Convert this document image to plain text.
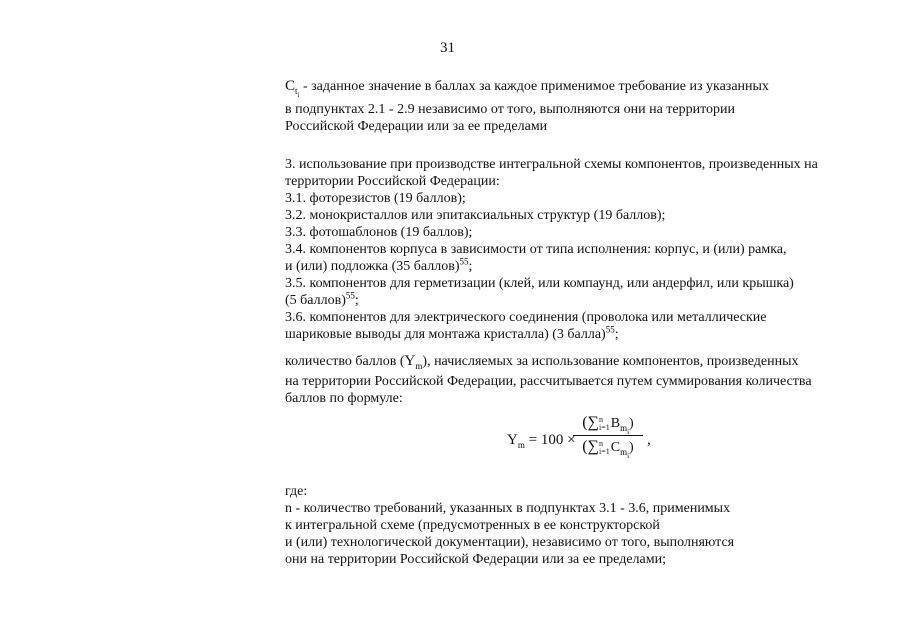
31
$C_{t_i}$ - заданное значение в баллах за каждое применимое требование из указанных
в подпунктах 2.1 - 2.9 независимо от того, выполняются они на территории
Российской Федерации или за ее пределами
3. использование при производстве интегральной схемы компонентов, произведенных на
территории Российской Федерации:
3.1. фоторезистов (19 баллов);
3.2. монокристаллов или эпитаксиальных структур (19 баллов);
3.3. фотошаблонов (19 баллов);
3.4. компонентов корпуса в зависимости от типа исполнения: корпус, и (или) рамка,
и (или) подложка (35 баллов)$^{55}$;
3.5. компонентов для герметизации (клей, или компаунд, или андерфил, или крышка)
(5 баллов)$^{55}$;
3.6. компонентов для электрического соединения (проволока или металлические
шариковые выводы для монтажа кристалла) (3 балла)$^{55}$;
количество баллов $(Y_m)$, начисляемых за использование компонентов, произведенных
на территории Российской Федерации, рассчитывается путем суммирования количества
баллов по формуле:
$Y_m = 100$ ×
(∑n
$i=1B_{m_i}$)
(∑n
$i=1C_{m_i}$) ,
где:
n - количество требований, указанных в подпунктах 3.1 - 3.6, применимых
к интегральной схеме (предусмотренных в ее конструкторской
и (или) технологической документации), независимо от того, выполняются
они на территории Российской Федерации или за ее пределами;
